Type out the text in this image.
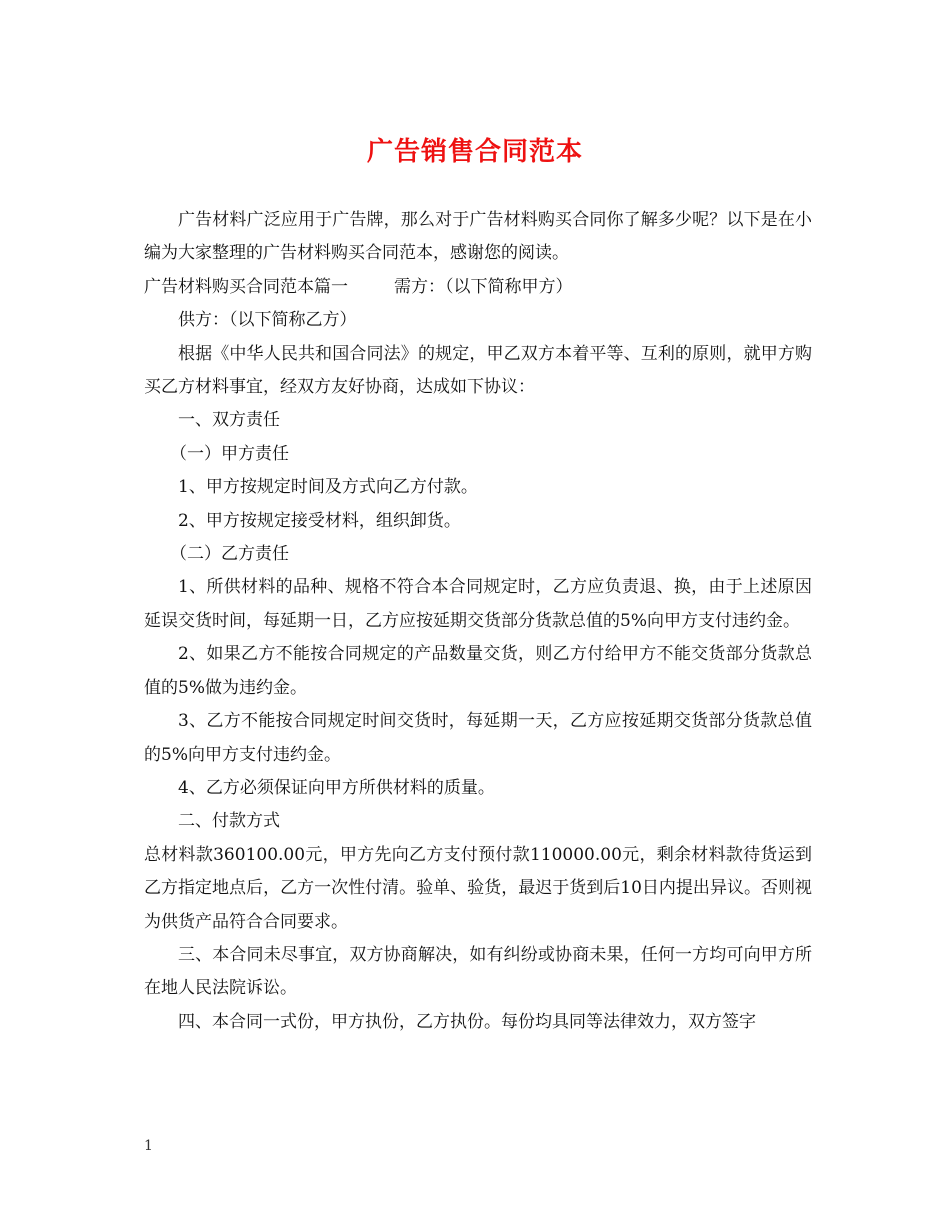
广告销售合同范本

广告材料广泛应用于广告牌，那么对于广告材料购买合同你了解多少呢？以下是在小编为大家整理的广告材料购买合同范本，感谢您的阅读。

广告材料购买合同范本篇一	需方：（以下简称甲方）

供方：（以下简称乙方）

根据《中华人民共和国合同法》的规定，甲乙双方本着平等、互利的原则，就甲方购买乙方材料事宜，经双方友好协商，达成如下协议：

一、双方责任

（一）甲方责任

1、甲方按规定时间及方式向乙方付款。

2、甲方按规定接受材料，组织卸货。

（二）乙方责任

1、所供材料的品种、规格不符合本合同规定时，乙方应负责退、换，由于上述原因延误交货时间，每延期一日，乙方应按延期交货部分货款总值的5%向甲方支付违约金。

2、如果乙方不能按合同规定的产品数量交货，则乙方付给甲方不能交货部分货款总值的5%做为违约金。

3、乙方不能按合同规定时间交货时，每延期一天，乙方应按延期交货部分货款总值的5%向甲方支付违约金。

4、乙方必须保证向甲方所供材料的质量。

二、付款方式

总材料款360100.00元，甲方先向乙方支付预付款110000.00元，剩余材料款待货运到乙方指定地点后，乙方一次性付清。验单、验货，最迟于货到后10日内提出异议。否则视为供货产品符合合同要求。

三、本合同未尽事宜，双方协商解决，如有纠纷或协商未果，任何一方均可向甲方所在地人民法院诉讼。

四、本合同一式份，甲方执份，乙方执份。每份均具同等法律效力，双方签字

1
